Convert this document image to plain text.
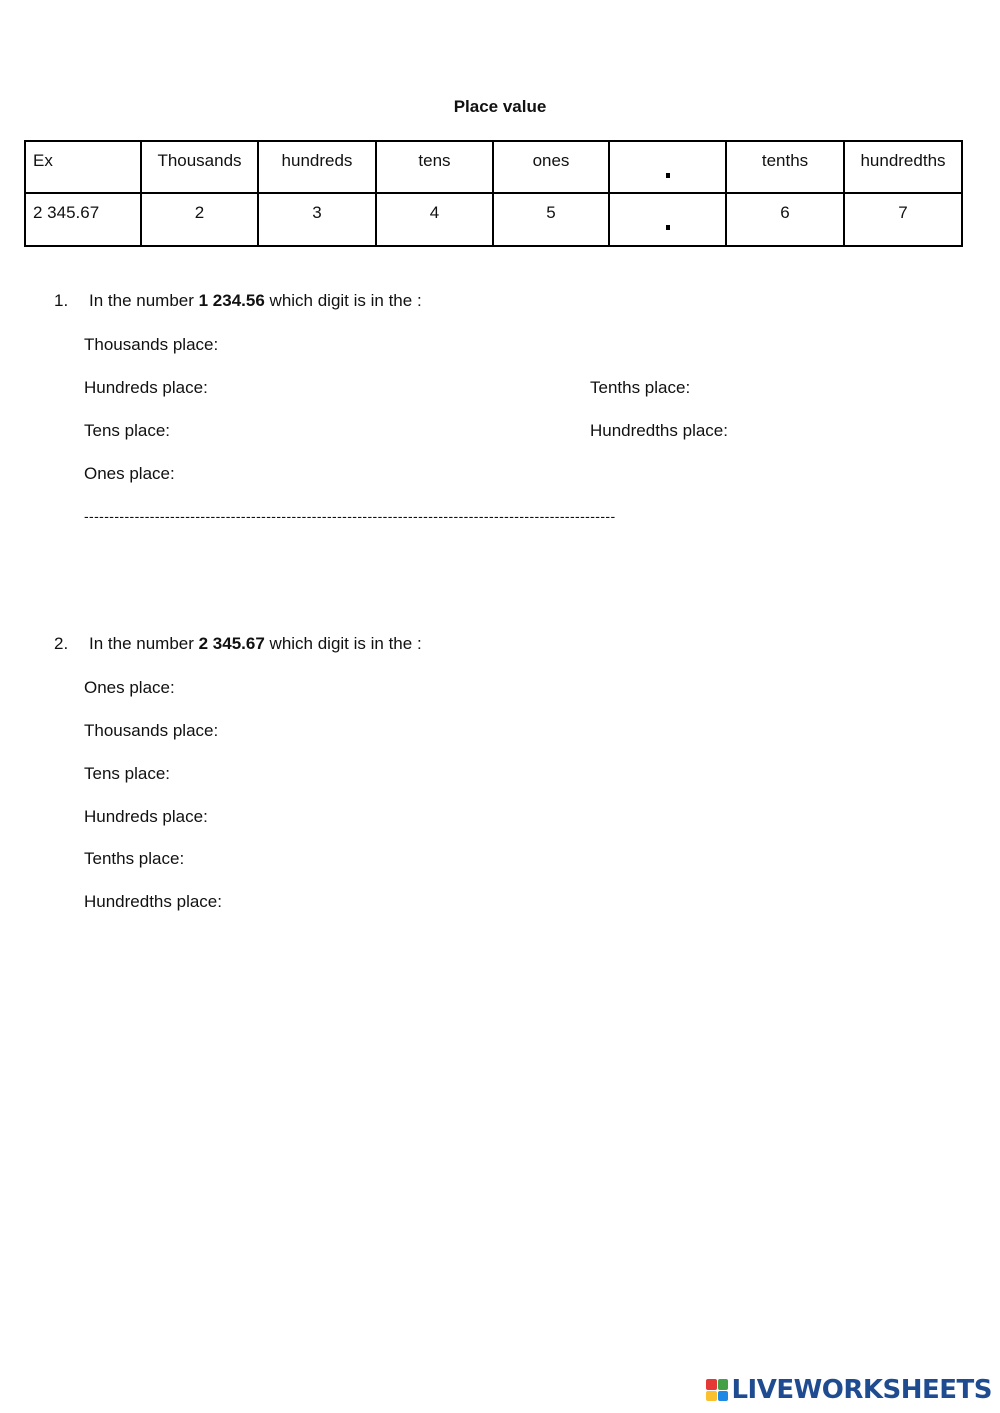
Place value
Ex	Thousands	hundreds	tens	ones		tenths	hundredths
2 345.67	2	3	4	5		6	7
1. In the number 1 234.56 which digit is in the :
Thousands place:
Hundreds place:	Tenths place:
Tens place:	Hundredths place:
Ones place:
---------------------------------------------------------------------------------------------------------
2. In the number 2 345.67 which digit is in the :
Ones place:
Thousands place:
Tens place:
Hundreds place:
Tenths place:
Hundredths place:
LIVEWORKSHEETS
